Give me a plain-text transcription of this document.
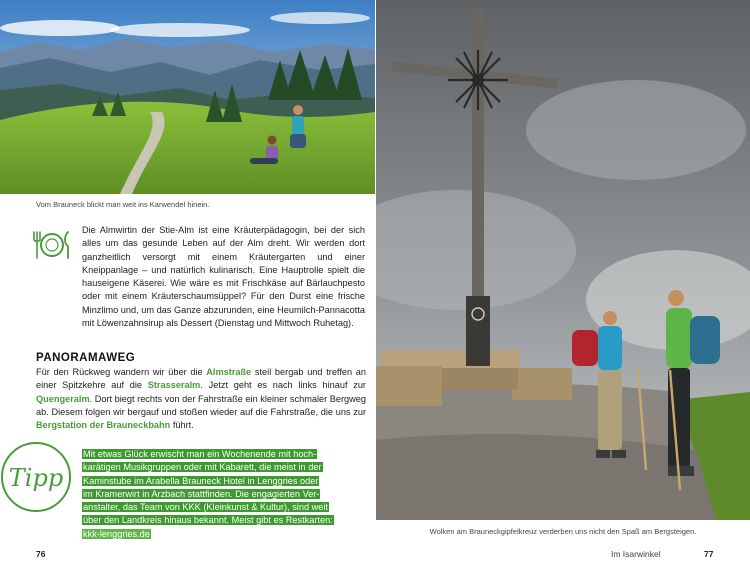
Vom Brauneck blickt man weit ins Karwendel hinein.
Die Almwirtin der Stie-Alm ist eine Kräuterpädagogin, bei der sich alles um das gesunde Leben auf der Alm dreht. Wir werden dort ganzheitlich versorgt mit einem Kräutergarten und einer Kneippanlage – und natürlich kulinarisch. Eine Hauptrolle spielt die hauseigene Käserei. Wie wäre es mit Frischkäse auf Bärlauchpesto oder mit einem Kräuterschaumsüppel? Für den Durst eine frische Minzlimo und, um das Ganze abzurunden, eine Heumilch-Pannacotta mit Löwenzahnsirup als Dessert (Dienstag und Mittwoch Ruhetag).
PANORAMAWEG
Für den Rückweg wandern wir über die Almstraße steil bergab und treffen an einer Spitzkehre auf die Strasseralm. Jetzt geht es nach links hinauf zur Quengeralm. Dort biegt rechts von der Fahrstraße ein kleiner schmaler Bergweg ab. Diesem folgen wir bergauf und stoßen wieder auf die Fahrstraße, die uns zur Bergstation der Brauneckbahn führt.
Tipp
Mit etwas Glück erwischt man ein Wochenende mit hoch-
karätigen Musikgruppen oder mit Kabarett, die meist in der
Kaminstube im Arabella Brauneck Hotel in Lenggries oder
im Kramerwirt in Arzbach stattfinden. Die engagierten Ver-
anstalter, das Team von KKK (Kleinkunst & Kultur), sind weit
über den Landkreis hinaus bekannt. Meist gibt es Restkarten:
kkk-lenggries.de
76
Wolken am Brauneckgipfelkreuz verderben uns nicht den Spaß am Bergsteigen.
Im Isarwinkel	77
